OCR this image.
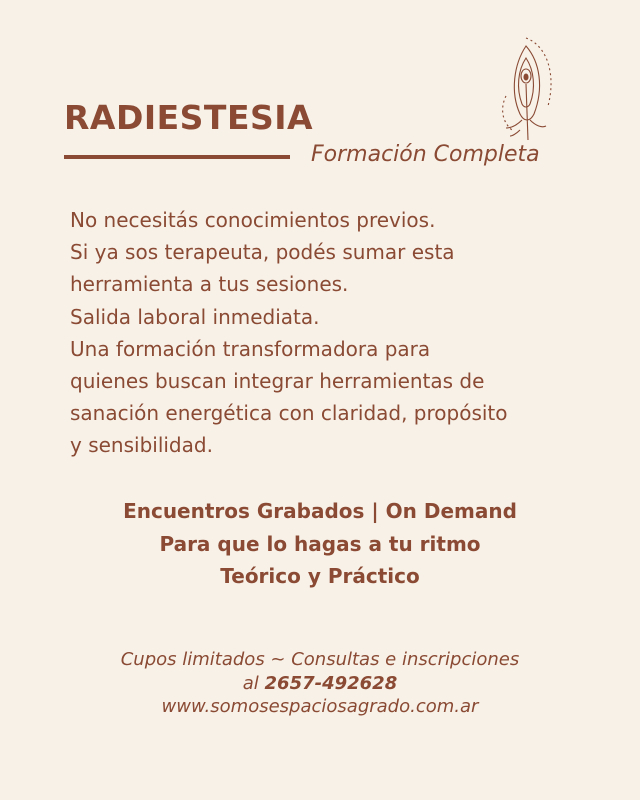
RADIESTESIA
Formación Completa
No necesitás conocimientos previos.
Si ya sos terapeuta, podés sumar esta
herramienta a tus sesiones.
Salida laboral inmediata.
Una formación transformadora para
quienes buscan integrar herramientas de
sanación energética con claridad, propósito
y sensibilidad.
Encuentros Grabados | On Demand
Para que lo hagas a tu ritmo
Teórico y Práctico
Cupos limitados ~ Consultas e inscripciones
al 2657-492628
www.somosespaciosagrado.com.ar
